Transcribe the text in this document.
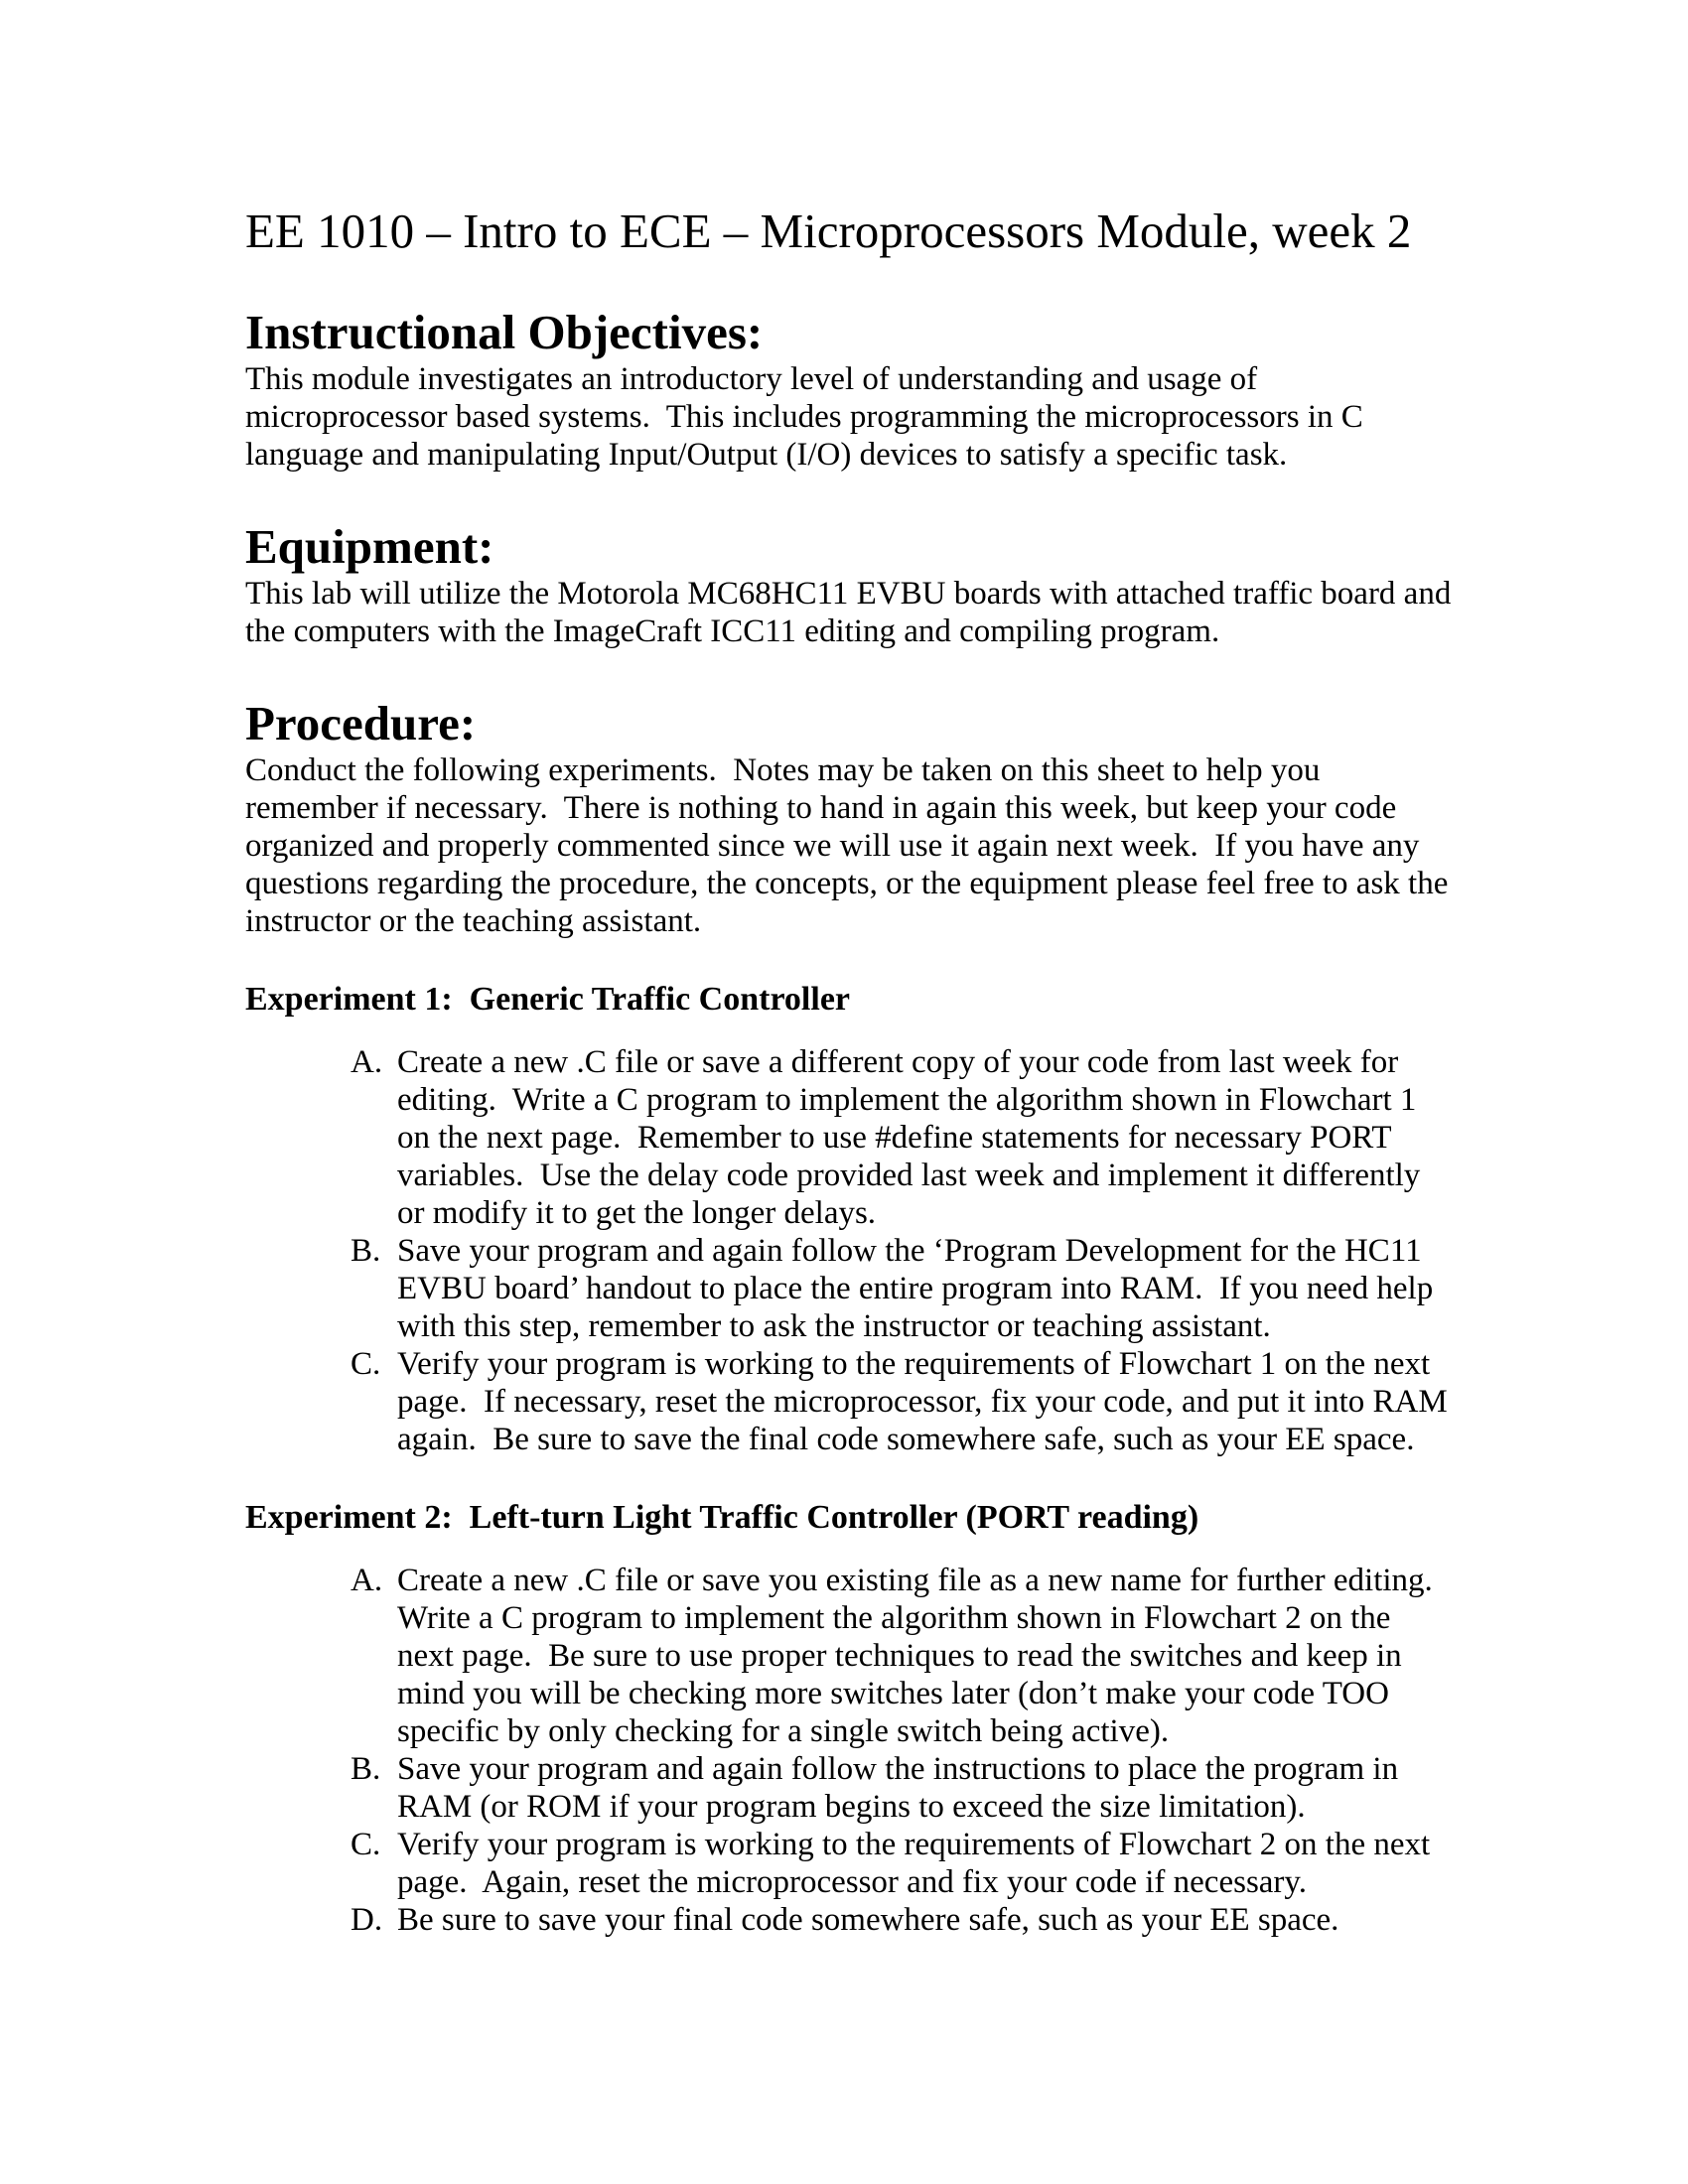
EE 1010 – Intro to ECE – Microprocessors Module, week 2
Instructional Objectives:
This module investigates an introductory level of understanding and usage of microprocessor based systems.  This includes programming the microprocessors in C language and manipulating Input/Output (I/O) devices to satisfy a specific task.
Equipment:
This lab will utilize the Motorola MC68HC11 EVBU boards with attached traffic board and the computers with the ImageCraft ICC11 editing and compiling program.
Procedure:
Conduct the following experiments.  Notes may be taken on this sheet to help you remember if necessary.  There is nothing to hand in again this week, but keep your code organized and properly commented since we will use it again next week.  If you have any questions regarding the procedure, the concepts, or the equipment please feel free to ask the instructor or the teaching assistant.
Experiment 1:  Generic Traffic Controller
A. Create a new .C file or save a different copy of your code from last week for editing.  Write a C program to implement the algorithm shown in Flowchart 1 on the next page.  Remember to use #define statements for necessary PORT variables.  Use the delay code provided last week and implement it differently or modify it to get the longer delays.
B. Save your program and again follow the ‘Program Development for the HC11 EVBU board’ handout to place the entire program into RAM.  If you need help with this step, remember to ask the instructor or teaching assistant.
C. Verify your program is working to the requirements of Flowchart 1 on the next page.  If necessary, reset the microprocessor, fix your code, and put it into RAM again.  Be sure to save the final code somewhere safe, such as your EE space.
Experiment 2:  Left-turn Light Traffic Controller (PORT reading)
A. Create a new .C file or save you existing file as a new name for further editing.  Write a C program to implement the algorithm shown in Flowchart 2 on the next page.  Be sure to use proper techniques to read the switches and keep in mind you will be checking more switches later (don’t make your code TOO specific by only checking for a single switch being active).
B. Save your program and again follow the instructions to place the program in RAM (or ROM if your program begins to exceed the size limitation).
C. Verify your program is working to the requirements of Flowchart 2 on the next page.  Again, reset the microprocessor and fix your code if necessary.
D. Be sure to save your final code somewhere safe, such as your EE space.
